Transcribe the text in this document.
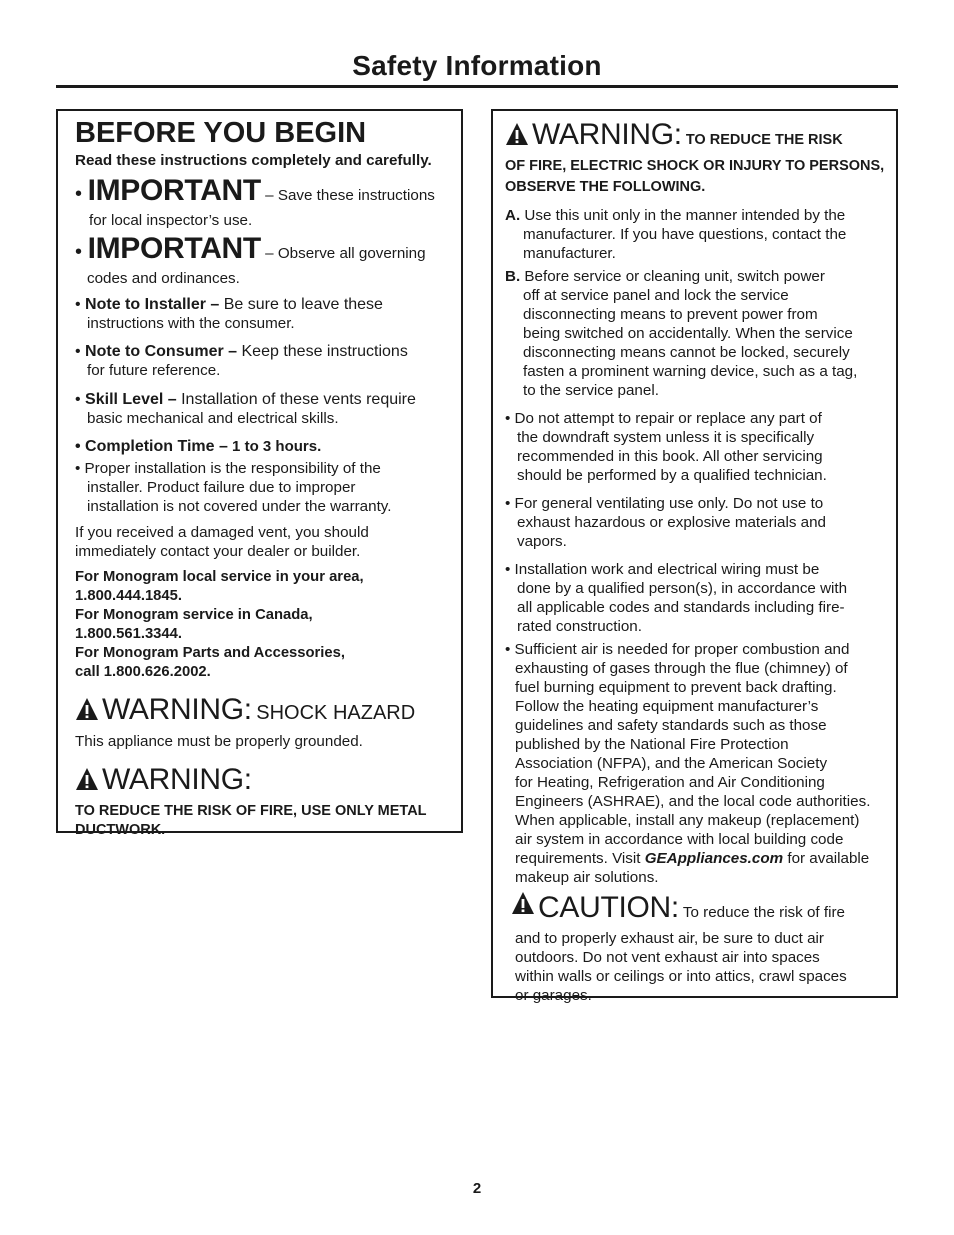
Safety Information
BEFORE YOU BEGIN

Read these instructions completely and carefully.

• IMPORTANT – Save these instructions

for local inspector’s use.

• IMPORTANT – Observe all governing

codes and ordinances.

• Note to Installer – Be sure to leave these

instructions with the consumer.

• Note to Consumer – Keep these instructions

for future reference.

• Skill Level – Installation of these vents require

basic mechanical and electrical skills.

• Completion Time – 1 to 3 hours.

• Proper installation is the responsibility of the

installer. Product failure due to improper

installation is not covered under the warranty.

If you received a damaged vent, you should

immediately contact your dealer or builder.

For Monogram local service in your area,

1.800.444.1845.

For Monogram service in Canada,

1.800.561.3344.

For Monogram Parts and Accessories,

call 1.800.626.2002.

WARNING: SHOCK HAZARD

This appliance must be properly grounded.

WARNING:

TO REDUCE THE RISK OF FIRE, USE ONLY METAL

DUCTWORK.

WARNING: TO REDUCE THE RISK

OF FIRE, ELECTRIC SHOCK OR INJURY TO PERSONS,

OBSERVE THE FOLLOWING.

A. Use this unit only in the manner intended by the

manufacturer. If you have questions, contact the

manufacturer.

B. Before service or cleaning unit, switch power

off at service panel and lock the service

disconnecting means to prevent power from

being switched on accidentally. When the service

disconnecting means cannot be locked, securely

fasten a prominent warning device, such as a tag,

to the service panel.

• Do not attempt to repair or replace any part of

the downdraft system unless it is specifically

recommended in this book. All other servicing

should be performed by a qualified technician.

• For general ventilating use only. Do not use to

exhaust hazardous or explosive materials and

vapors.

• Installation work and electrical wiring must be

done by a qualified person(s), in accordance with

all applicable codes and standards including fire-

rated construction.

• Sufficient air is needed for proper combustion and

exhausting of gases through the flue (chimney) of

fuel burning equipment to prevent back drafting.

Follow the heating equipment manufacturer’s

guidelines and safety standards such as those

published by the National Fire Protection

Association (NFPA), and the American Society

for Heating, Refrigeration and Air Conditioning

Engineers (ASHRAE), and the local code authorities.

When applicable, install any makeup (replacement)

air system in accordance with local building code

requirements. Visit GEAppliances.com for available

makeup air solutions.

CAUTION: To reduce the risk of fire

and to properly exhaust air, be sure to duct air

outdoors. Do not vent exhaust air into spaces

within walls or ceilings or into attics, crawl spaces

or garages.

2
